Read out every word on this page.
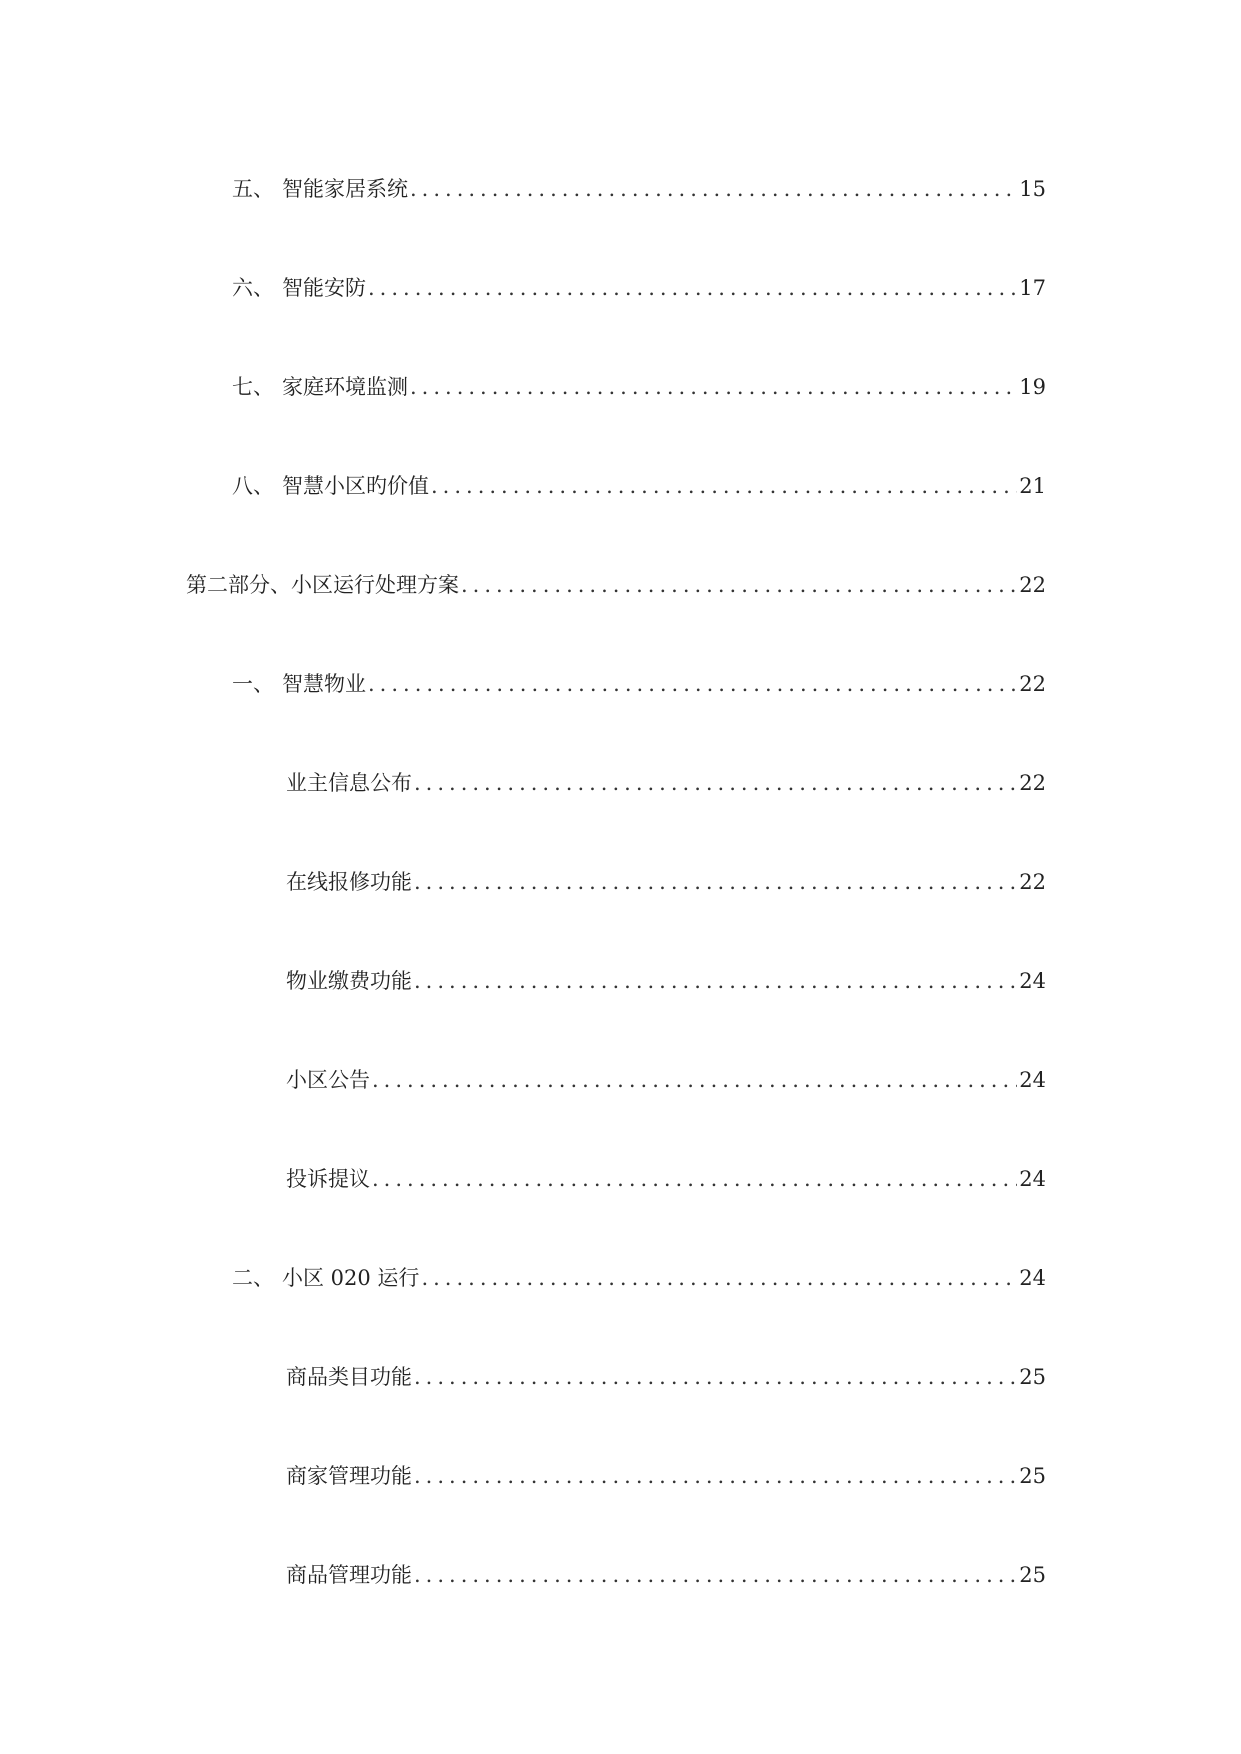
五、 智能家居系统 .....	15
六、 智能安防 .....	17
七、 家庭环境监测 .....	19
八、 智慧小区旳价值 .....	21
第二部分、小区运行处理方案 .....	22
一、 智慧物业 .....	22
业主信息公布 .....	22
在线报修功能 .....	22
物业缴费功能 .....	24
小区公告 .....	24
投诉提议 .....	24
二、 小区 020 运行 .....	24
商品类目功能 .....	25
商家管理功能 .....	25
商品管理功能 .....	25
